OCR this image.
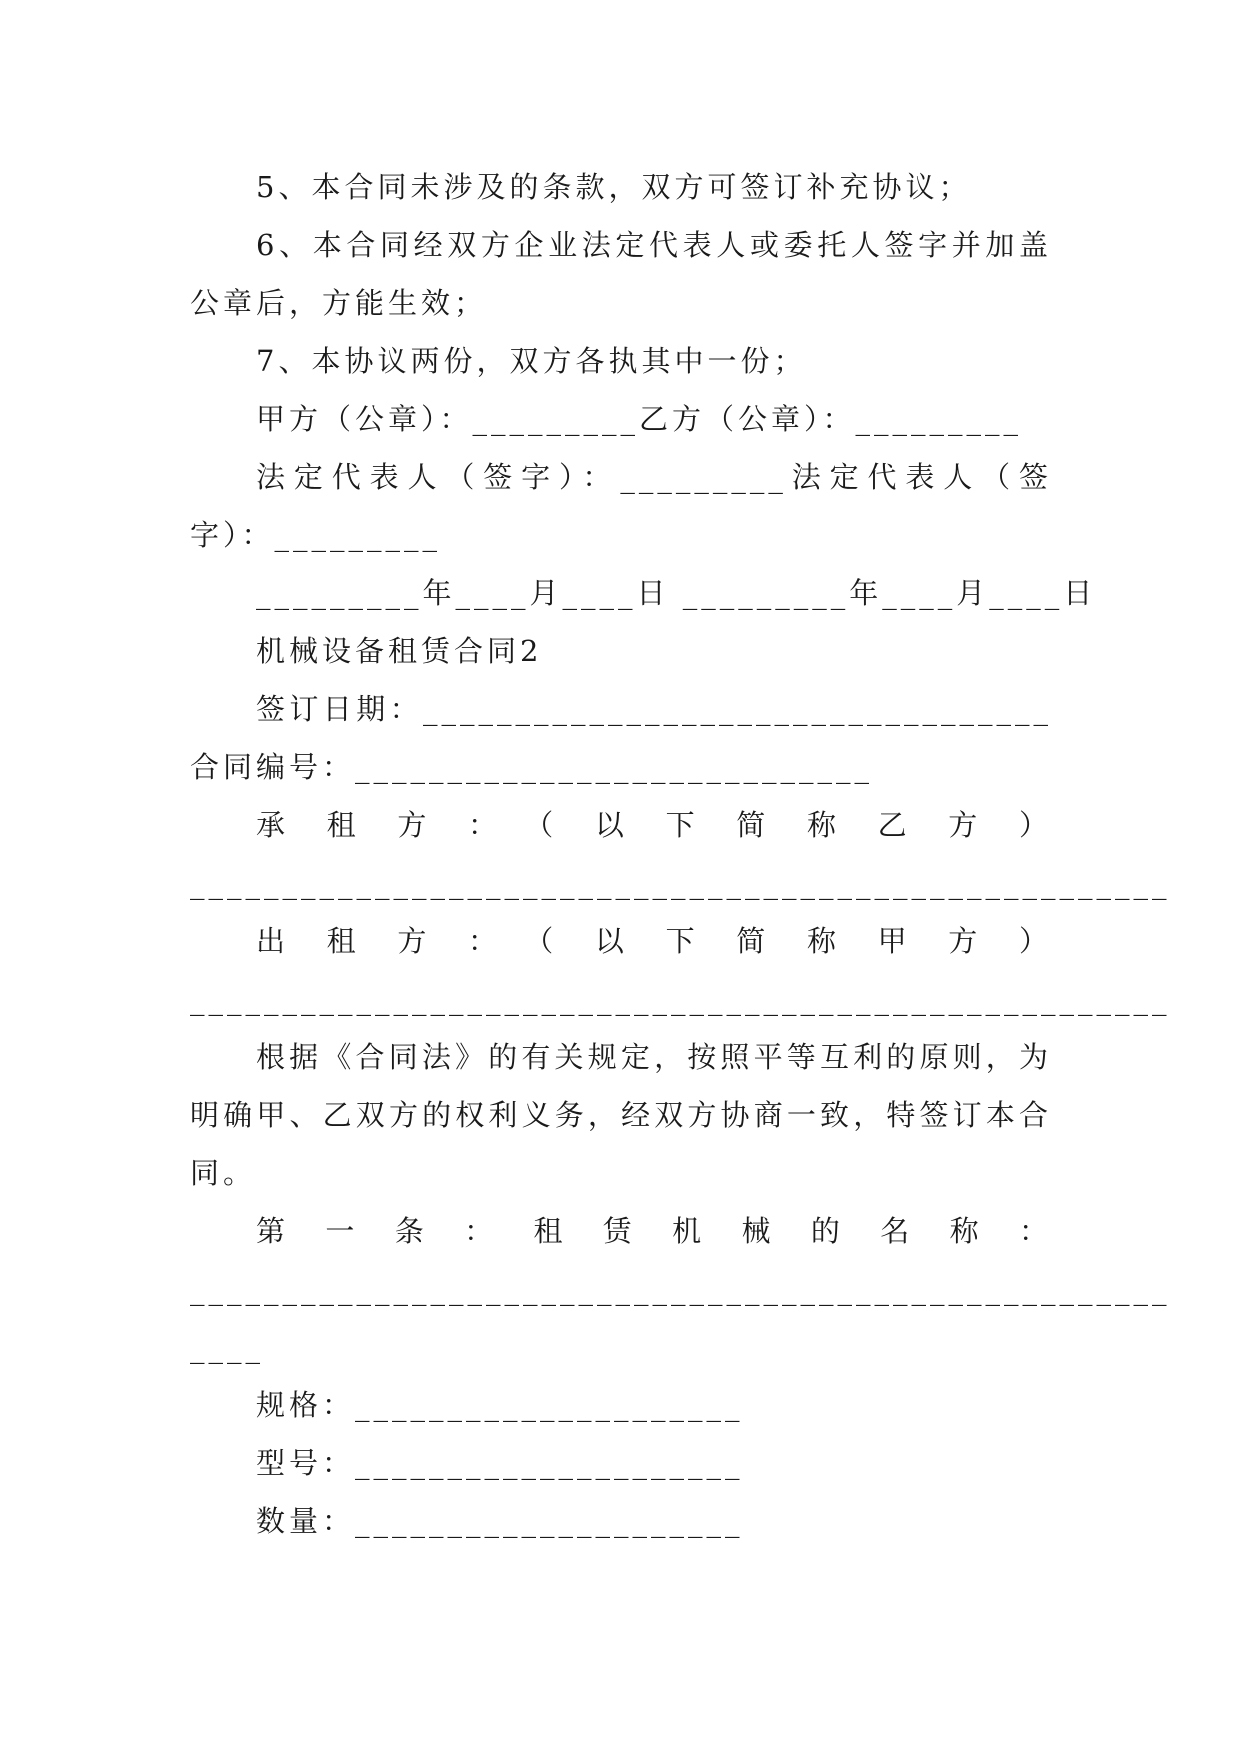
5、本合同未涉及的条款，双方可签订补充协议；

6、本合同经双方企业法定代表人或委托人签字并加盖公章后，方能生效；

7、本协议两份，双方各执其中一份；

甲方（公章）：_________乙方（公章）：_________

法定代表人（签字）：_________法定代表人（签字）：_________

_________年____月____日 _________年____月____日

机械设备租赁合同2

签订日期：__________________________________ 合同编号：____________________________

承租方：（以下简称乙方）

_____________________________________________________

出租方：（以下简称甲方）

_____________________________________________________

根据《合同法》的有关规定，按照平等互利的原则，为明确甲、乙双方的权利义务，经双方协商一致，特签订本合同。

第一条：租赁机械的名称：

_____________________________________________________ ____

规格：_____________________

型号：_____________________

数量：_____________________
